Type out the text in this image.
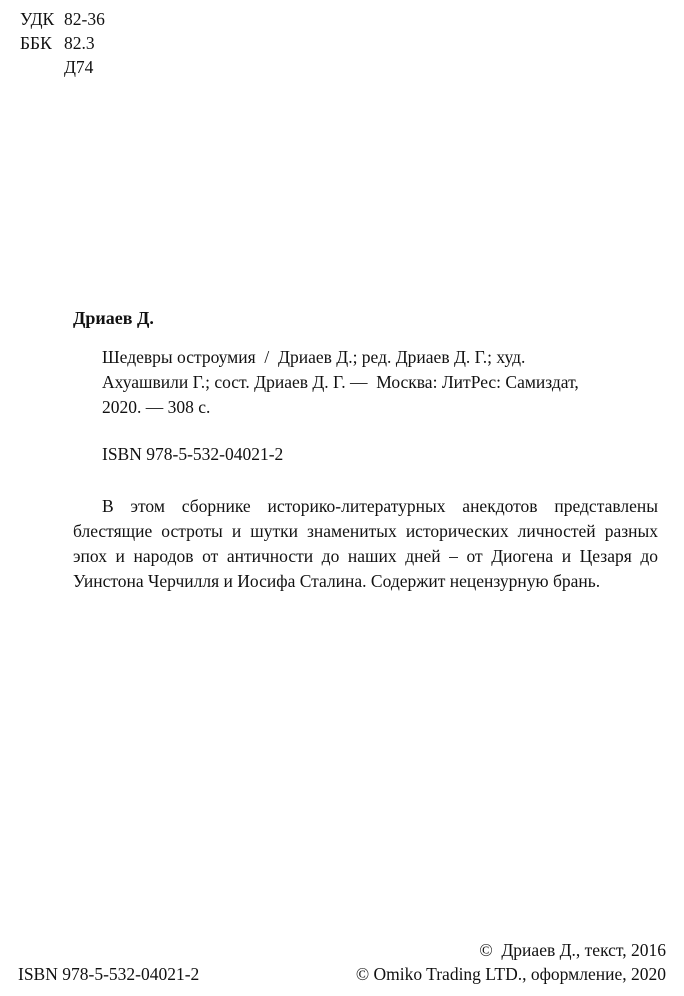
УДК 82-36
ББК 82.3
Д74
Дриаев Д.
Шедевры остроумия  /  Дриаев Д.; ред. Дриаев Д. Г.; худ.
Ахуашвили Г.; сост. Дриаев Д. Г. —  Москва: ЛитРес: Самиздат,
2020. — 308 с.
ISBN 978-5-532-04021-2
В этом сборнике историко-литературных анекдотов представлены
блестящие остроты и шутки знаменитых исторических личностей разных
эпох и народов от античности до наших дней – от Диогена и Цезаря до
Уинстона Черчилля и Иосифа Сталина. Содержит нецензурную брань.
ISBN 978-5-532-04021-2
©  Дриаев Д., текст, 2016
© Omiko Trading LTD., оформление, 2020
